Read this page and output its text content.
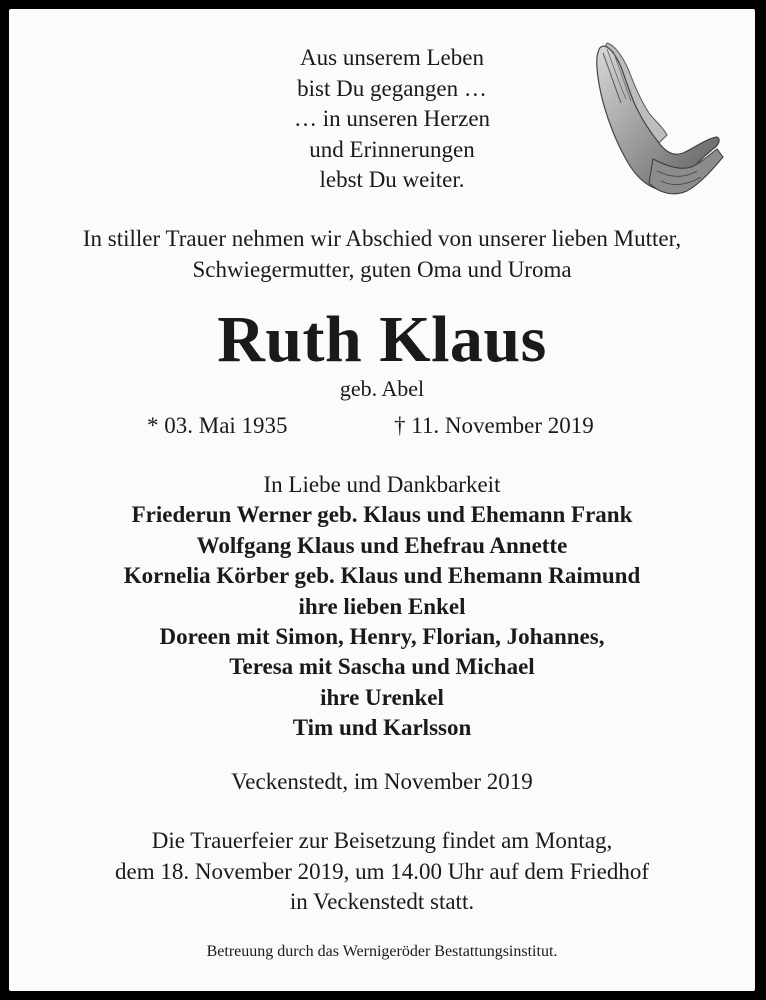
Aus unserem Leben
bist Du gegangen …
… in unseren Herzen
und Erinnerungen
lebst Du weiter.
In stiller Trauer nehmen wir Abschied von unserer lieben Mutter,
Schwiegermutter, guten Oma und Uroma
Ruth Klaus
geb. Abel
* 03. Mai 1935	† 11. November 2019
In Liebe und Dankbarkeit
Friederun Werner geb. Klaus und Ehemann Frank
Wolfgang Klaus und Ehefrau Annette
Kornelia Körber geb. Klaus und Ehemann Raimund
ihre lieben Enkel
Doreen mit Simon, Henry, Florian, Johannes,
Teresa mit Sascha und Michael
ihre Urenkel
Tim und Karlsson
Veckenstedt, im November 2019
Die Trauerfeier zur Beisetzung findet am Montag,
dem 18. November 2019, um 14.00 Uhr auf dem Friedhof
in Veckenstedt statt.
Betreuung durch das Wernigeröder Bestattungsinstitut.
